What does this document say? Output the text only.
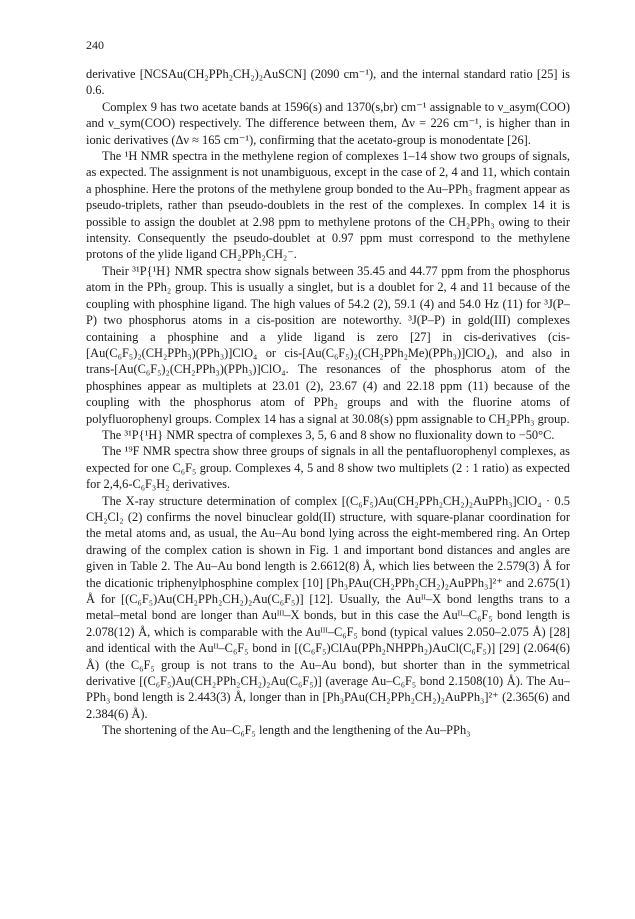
240

derivative [NCSAu(CH₂PPh₂CH₂)₂AuSCN] (2090 cm⁻¹), and the internal standard ratio [25] is 0.6.

Complex 9 has two acetate bands at 1596(s) and 1370(s,br) cm⁻¹ assignable to ν_asym(COO) and ν_sym(COO) respectively. The difference between them, Δν = 226 cm⁻¹, is higher than in ionic derivatives (Δν ≈ 165 cm⁻¹), confirming that the acetato-group is monodentate [26].

The ¹H NMR spectra in the methylene region of complexes 1–14 show two groups of signals, as expected. The assignment is not unambiguous, except in the case of 2, 4 and 11, which contain a phosphine. Here the protons of the methylene group bonded to the Au–PPh₃ fragment appear as pseudo-triplets, rather than pseudo-doublets in the rest of the complexes. In complex 14 it is possible to assign the doublet at 2.98 ppm to methylene protons of the CH₂PPh₃ owing to their intensity. Consequently the pseudo-doublet at 0.97 ppm must correspond to the methylene protons of the ylide ligand CH₂PPh₂CH₂⁻.

Their ³¹P{¹H} NMR spectra show signals between 35.45 and 44.77 ppm from the phosphorus atom in the PPh₂ group. This is usually a singlet, but is a doublet for 2, 4 and 11 because of the coupling with phosphine ligand. The high values of 54.2 (2), 59.1 (4) and 54.0 Hz (11) for ³J(P–P) two phosphorus atoms in a cis-position are noteworthy. ³J(P–P) in gold(III) complexes containing a phosphine and a ylide ligand is zero [27] in cis-derivatives (cis-[Au(C₆F₅)₂(CH₂PPh₃)(PPh₃)]ClO₄ or cis-[Au(C₆F₅)₂(CH₂PPh₂Me)(PPh₃)]ClO₄), and also in trans-[Au(C₆F₅)₂(CH₂PPh₃)(PPh₃)]ClO₄. The resonances of the phosphorus atom of the phosphines appear as multiplets at 23.01 (2), 23.67 (4) and 22.18 ppm (11) because of the coupling with the phosphorus atom of PPh₂ groups and with the fluorine atoms of polyfluorophenyl groups. Complex 14 has a signal at 30.08(s) ppm assignable to CH₂PPh₃ group.

The ³¹P{¹H} NMR spectra of complexes 3, 5, 6 and 8 show no fluxionality down to −50°C.

The ¹⁹F NMR spectra show three groups of signals in all the pentafluorophenyl complexes, as expected for one C₆F₅ group. Complexes 4, 5 and 8 show two multiplets (2 : 1 ratio) as expected for 2,4,6-C₆F₃H₂ derivatives.

The X-ray structure determination of complex [(C₆F₅)Au(CH₂PPh₂CH₂)₂AuPPh₃]ClO₄ · 0.5 CH₂Cl₂ (2) confirms the novel binuclear gold(II) structure, with square-planar coordination for the metal atoms and, as usual, the Au–Au bond lying across the eight-membered ring. An Ortep drawing of the complex cation is shown in Fig. 1 and important bond distances and angles are given in Table 2. The Au–Au bond length is 2.6612(8) Å, which lies between the 2.579(3) Å for the dicationic triphenylphosphine complex [10] [Ph₃PAu(CH₂PPh₂CH₂)₂AuPPh₃]²⁺ and 2.675(1) Å for [(C₆F₅)Au(CH₂PPh₂CH₂)₂Au(C₆F₅)] [12]. Usually, the Auᴵᴵ–X bond lengths trans to a metal–metal bond are longer than Auᴵᴵᴵ–X bonds, but in this case the Auᴵᴵ–C₆F₅ bond length is 2.078(12) Å, which is comparable with the Auᴵᴵᴵ–C₆F₅ bond (typical values 2.050–2.075 Å) [28] and identical with the Auᴵᴵ–C₆F₅ bond in [(C₆F₅)ClAu(PPh₂NHPPh₂)AuCl(C₆F₅)] [29] (2.064(6) Å) (the C₆F₅ group is not trans to the Au–Au bond), but shorter than in the symmetrical derivative [(C₆F₅)Au(CH₂PPh₂CH₂)₂Au(C₆F₅)] (average Au–C₆F₅ bond 2.1508(10) Å). The Au–PPh₃ bond length is 2.443(3) Å, longer than in [Ph₃PAu(CH₂PPh₂CH₂)₂AuPPh₃]²⁺ (2.365(6) and 2.384(6) Å).

The shortening of the Au–C₆F₅ length and the lengthening of the Au–PPh₃
